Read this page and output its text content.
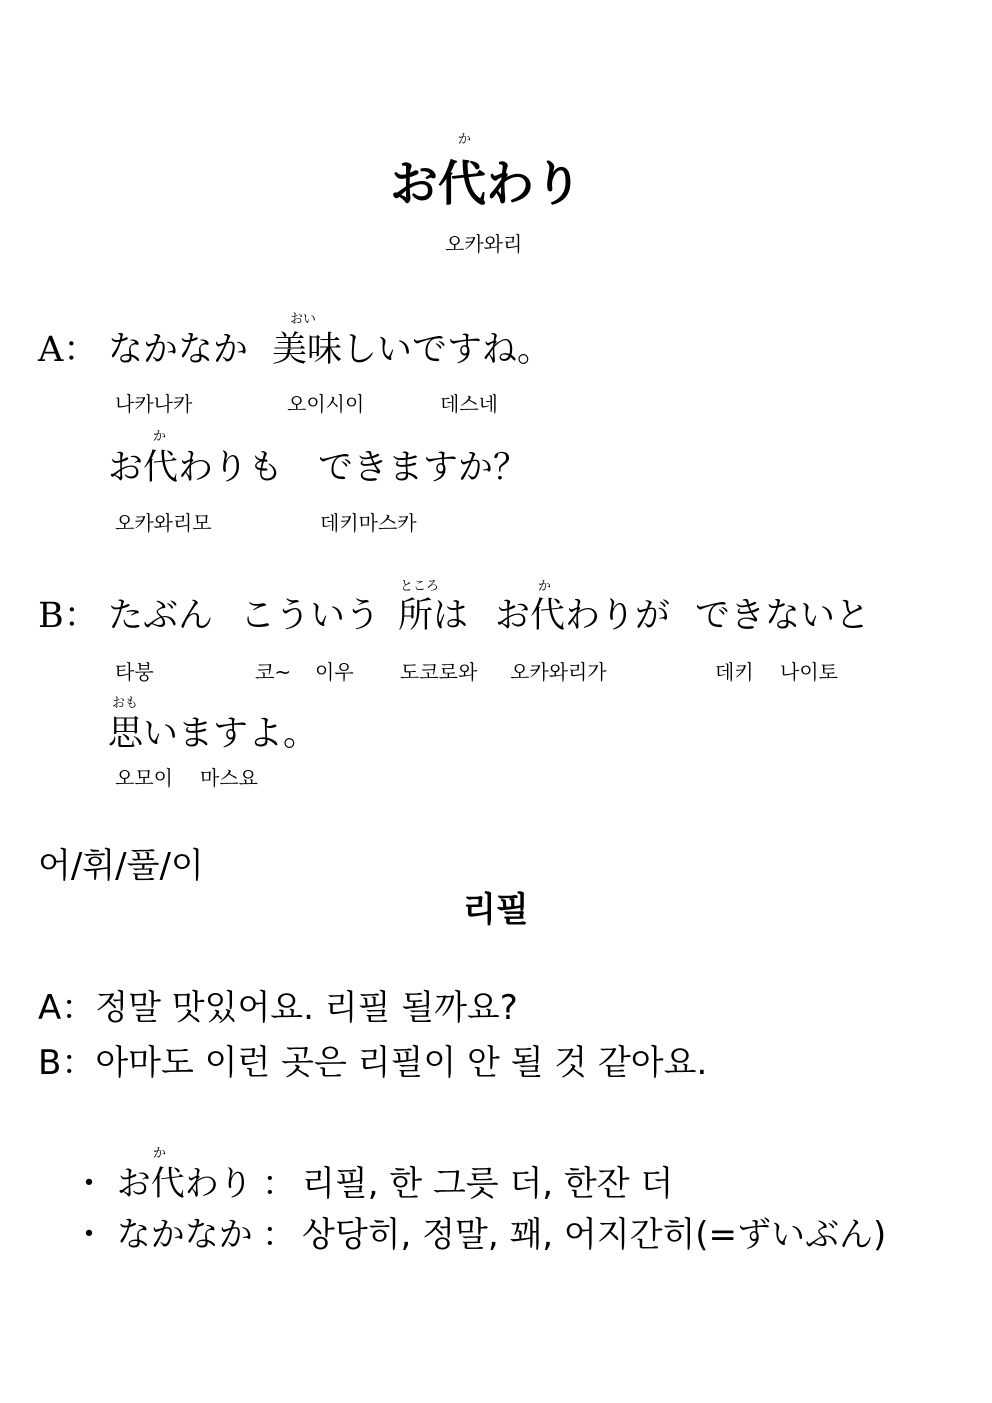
か
お代わり
오카와리
A： なかなか
おい
美味しいですね。
나카나카	오이시이	데스네
か
お代わりも　できますか？
오카와리모	데키마스카
B： たぶん こういう
ところ
所は
か
お代わりが できないと
타붕	코~ 이우 도코로와 오카와리가	데키 나이토
おも
思いますよ。
오모이 마스요
어/휘/풀/이
리필
A：정말 맛있어요. 리필 될까요?
B：아마도 이런 곳은 리필이 안 될 것 같아요.
か
・ お代わり ： 리필, 한 그릇 더, 한잔 더
・ なかなか ： 상당히, 정말, 꽤, 어지간히(=ずいぶん)
